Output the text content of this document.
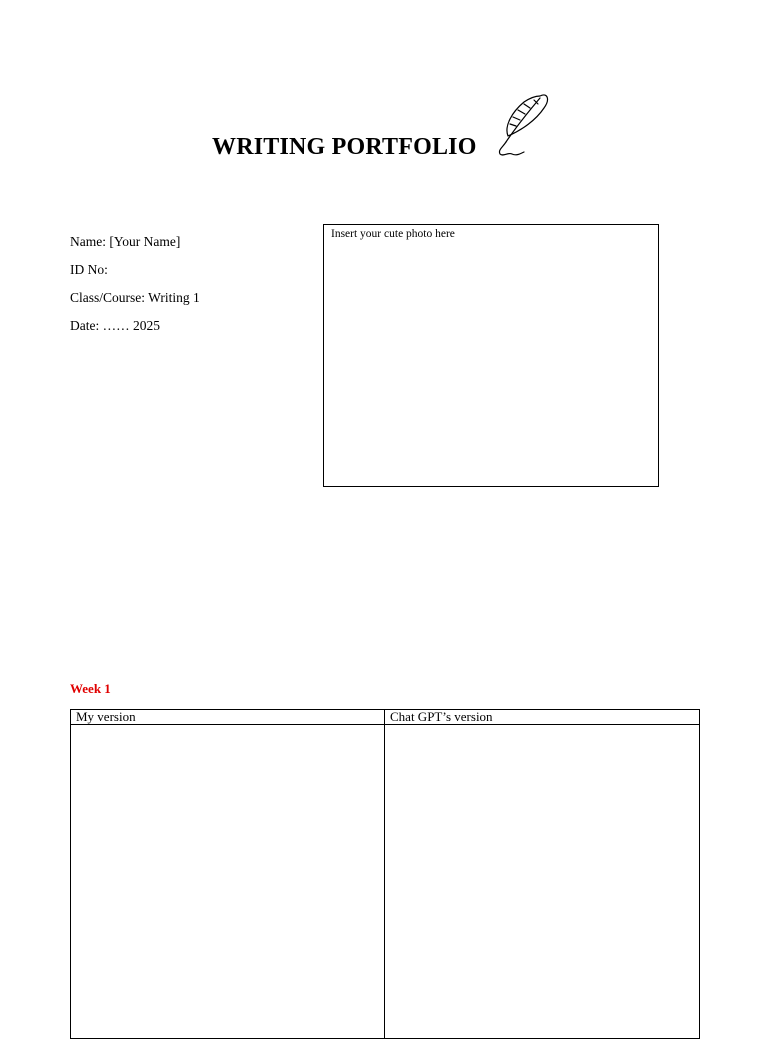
WRITING PORTFOLIO
Name: [Your Name]
ID No:
Class/Course: Writing 1
Date: …… 2025
Insert your cute photo here
Week 1
My version	Chat GPT’s version
